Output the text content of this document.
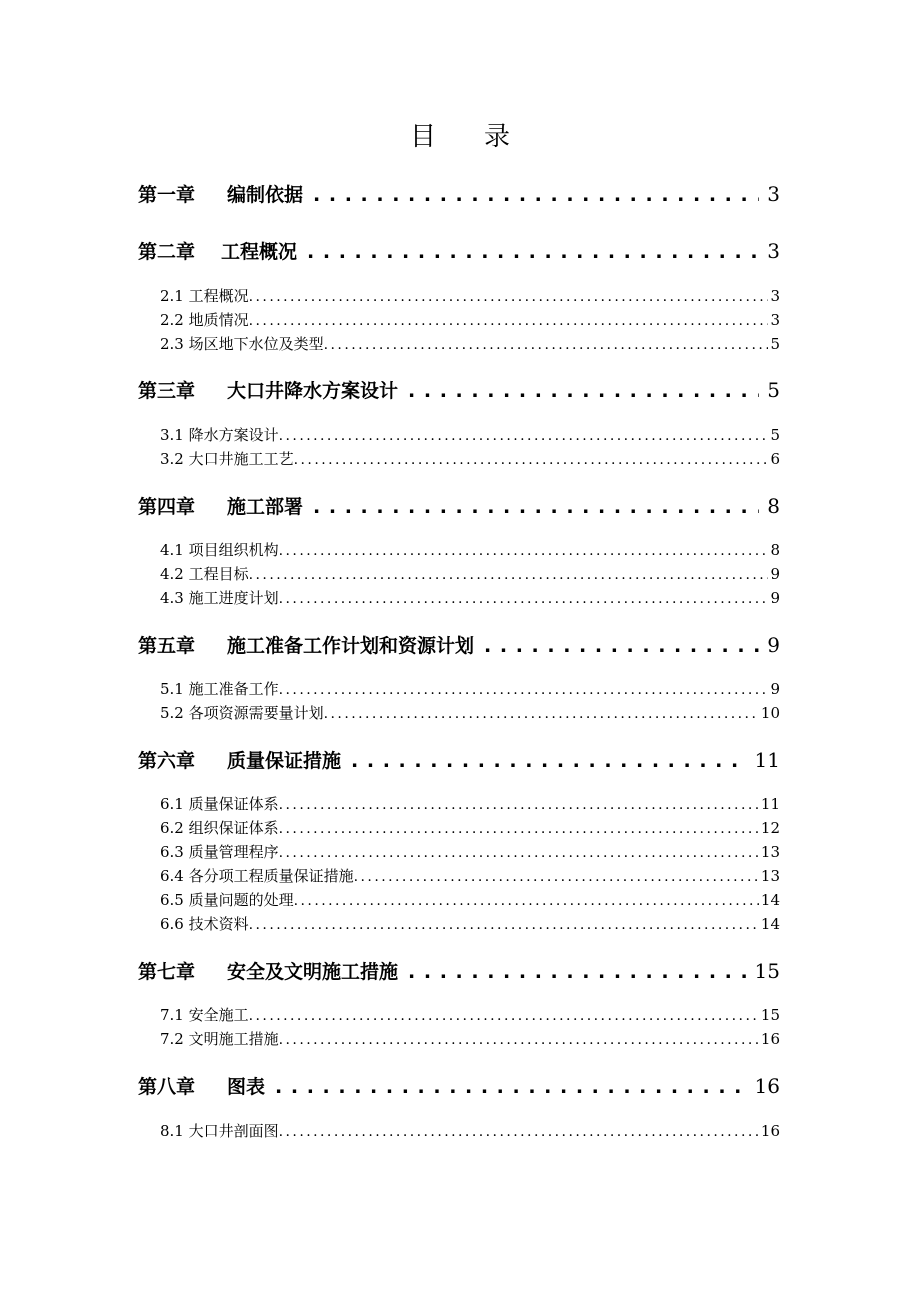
目 录
第一章 编制依据 . . .	3
第二章 工程概况 . . .	3
2.1 工程概况 . . .	3
2.2 地质情况 . . .	3
2.3 场区地下水位及类型 . . .	5
第三章 大口井降水方案设计 . . .	5
3.1 降水方案设计 . . .	5
3.2 大口井施工工艺 . . .	6
第四章 施工部署 . . .	8
4.1 项目组织机构 . . .	8
4.2 工程目标 . . .	9
4.3 施工进度计划 . . .	9
第五章 施工准备工作计划和资源计划 . . .	9
5.1 施工准备工作 . . .	9
5.2 各项资源需要量计划 . . .	10
第六章 质量保证措施 . . .	11
6.1 质量保证体系 . . .	11
6.2 组织保证体系 . . .	12
6.3 质量管理程序 . . .	13
6.4 各分项工程质量保证措施 . . .	13
6.5 质量问题的处理 . . .	14
6.6 技术资料 . . .	14
第七章 安全及文明施工措施 . . .	15
7.1 安全施工 . . .	15
7.2 文明施工措施 . . .	16
第八章 图表 . . .	16
8.1 大口井剖面图 . . .	16
